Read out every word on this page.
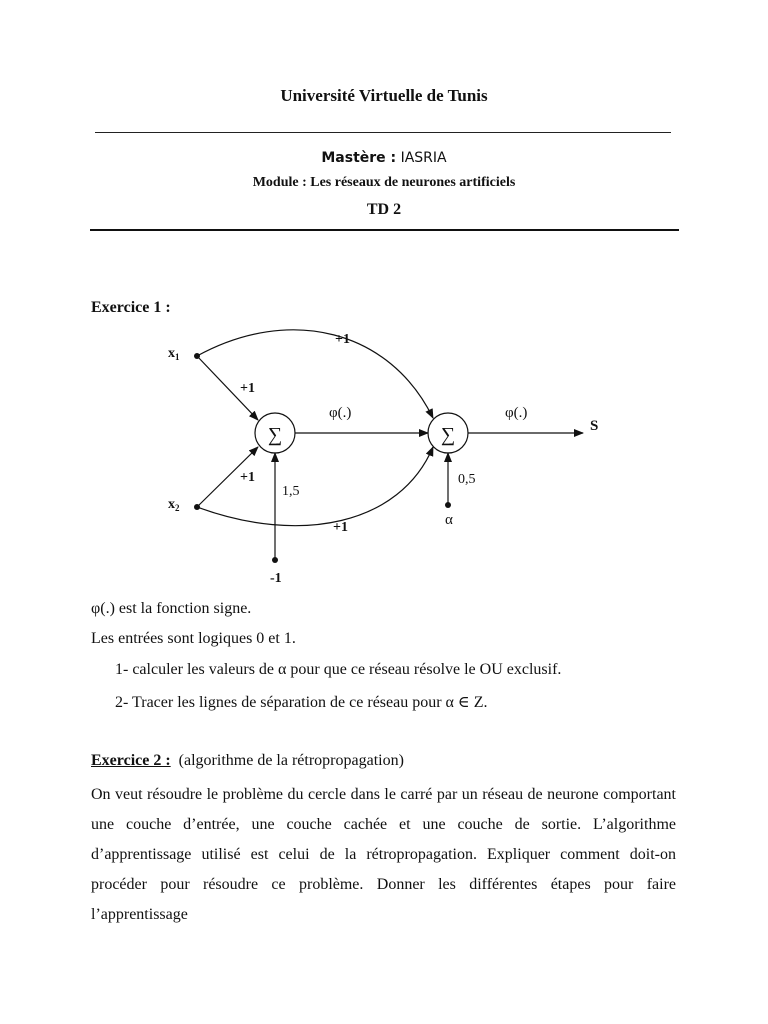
Université Virtuelle de Tunis
Mastère : IASRIA
Module : Les réseaux de neurones artificiels
TD 2
Exercice 1 :
$x_1$
$x_2$
∑	∑
+1
+1
+1
+1
φ(.)	φ(.)
S
1,5
-1
0,5
α
φ(.) est la fonction signe.
Les entrées sont logiques 0 et 1.
1- calculer les valeurs de α pour que ce réseau résolve le OU exclusif.
2- Tracer les lignes de séparation de ce réseau pour α ∈ Z.
Exercice 2 : (algorithme de la rétropropagation)
On veut résoudre le problème du cercle dans le carré par un réseau de neurone comportant une couche d’entrée, une couche cachée et une couche de sortie. L’algorithme d’apprentissage utilisé est celui de la rétropropagation. Expliquer comment doit-on procéder pour résoudre ce problème. Donner les différentes étapes pour faire l’apprentissage
